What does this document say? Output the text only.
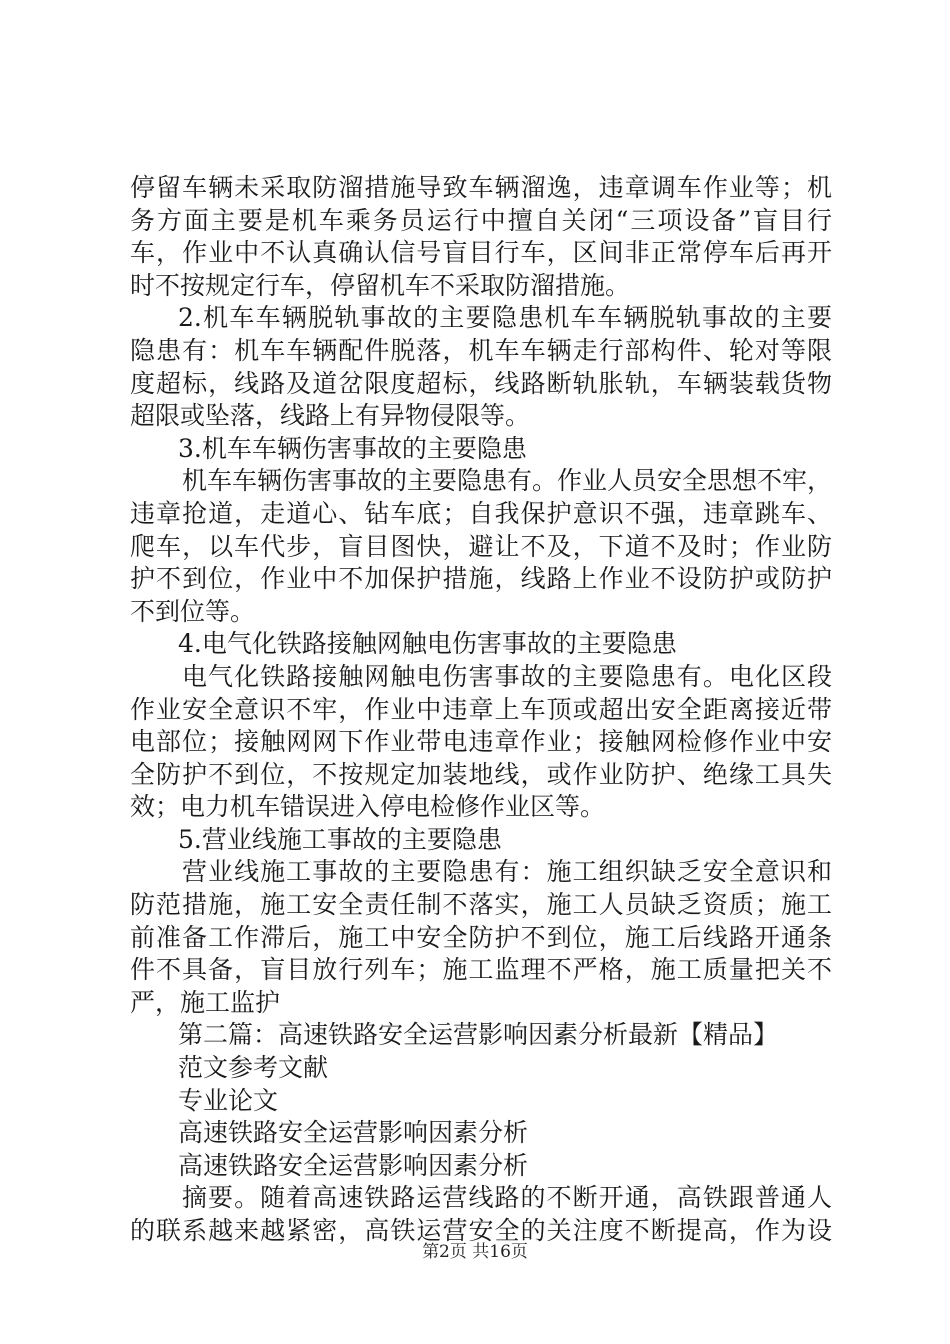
停留车辆未采取防溜措施导致车辆溜逸，违章调车作业等；机
务方面主要是机车乘务员运行中擅自关闭“三项设备”盲目行
车，作业中不认真确认信号盲目行车，区间非正常停车后再开
时不按规定行车，停留机车不采取防溜措施。
2.机车车辆脱轨事故的主要隐患机车车辆脱轨事故的主要
隐患有：机车车辆配件脱落，机车车辆走行部构件、轮对等限
度超标，线路及道岔限度超标，线路断轨胀轨，车辆装载货物
超限或坠落，线路上有异物侵限等。
3.机车车辆伤害事故的主要隐患
机车车辆伤害事故的主要隐患有。作业人员安全思想不牢，
违章抢道，走道心、钻车底；自我保护意识不强，违章跳车、
爬车，以车代步，盲目图快，避让不及，下道不及时；作业防
护不到位，作业中不加保护措施，线路上作业不设防护或防护
不到位等。
4.电气化铁路接触网触电伤害事故的主要隐患
电气化铁路接触网触电伤害事故的主要隐患有。电化区段
作业安全意识不牢，作业中违章上车顶或超出安全距离接近带
电部位；接触网网下作业带电违章作业；接触网检修作业中安
全防护不到位，不按规定加装地线，或作业防护、绝缘工具失
效；电力机车错误进入停电检修作业区等。
5.营业线施工事故的主要隐患
营业线施工事故的主要隐患有：施工组织缺乏安全意识和
防范措施，施工安全责任制不落实，施工人员缺乏资质；施工
前准备工作滞后，施工中安全防护不到位，施工后线路开通条
件不具备，盲目放行列车；施工监理不严格，施工质量把关不
严，施工监护
第二篇：高速铁路安全运营影响因素分析最新【精品】
范文参考文献
专业论文
高速铁路安全运营影响因素分析
高速铁路安全运营影响因素分析
摘要。随着高速铁路运营线路的不断开通，高铁跟普通人
的联系越来越紧密，高铁运营安全的关注度不断提高，作为设
第2页 共16页
